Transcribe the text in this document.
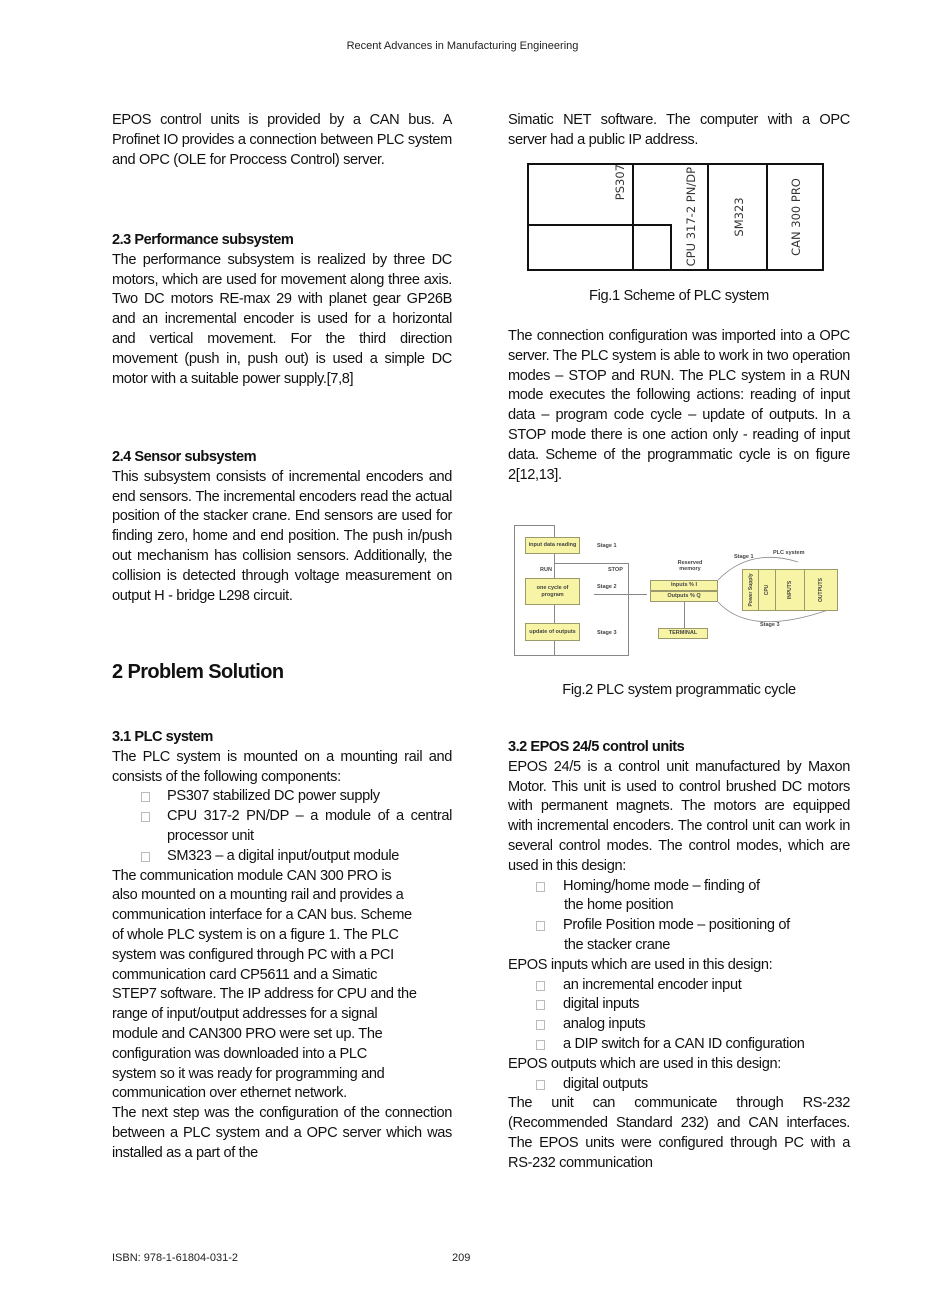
Recent Advances in Manufacturing Engineering
ISBN: 978-1-61804-031-2	209

EPOS control units is provided by a CAN bus. A Profinet IO provides a connection between PLC system and OPC (OLE for Proccess Control) server.

2.3 Performance subsystem

The performance subsystem is realized by three DC motors, which are used for movement along three axis. Two DC motors RE-max 29 with planet gear GP26B and an incremental encoder is used for a horizontal and vertical movement. For the third direction movement (push in, push out) is used a simple DC motor with a suitable power supply.[7,8]

2.4 Sensor subsystem

This subsystem consists of incremental encoders and end sensors. The incremental encoders read the actual position of the stacker crane. End sensors are used for finding zero, home and end position. The push in/push out mechanism has collision sensors. Additionally, the collision is detected through voltage measurement on output H - bridge L298 circuit.

2 Problem Solution

3.1 PLC system

The PLC system is mounted on a mounting rail and consists of the following components:

PS307 stabilized DC power supply

CPU 317-2 PN/DP – a module of a central processor unit

SM323 – a digital input/output module

The communication module CAN 300 PRO is

also mounted on a mounting rail and provides a

communication interface for a CAN bus. Scheme

of whole PLC system is on a figure 1. The PLC

system was configured through PC with a PCI

communication card CP5611 and a Simatic

STEP7 software. The IP address for CPU and the

range of input/output addresses for a signal

module and CAN300 PRO were set up. The

configuration was downloaded into a PLC

system so it was ready for programming and

communication over ethernet network.

The next step was the configuration of the connection between a PLC system and a OPC server which was installed as a part of the

Simatic NET software. The computer with a OPC server had a public IP address.

PS307	CPU 317-2 PN/DP	SM323	CAN 300 PRO
Fig.1 Scheme of PLC system

The connection configuration was imported into a OPC server. The PLC system is able to work in two operation modes – STOP and RUN. The PLC system in a RUN mode executes the following actions: reading of input data – program code cycle – update of outputs. In a STOP mode there is one action only - reading of input data. Scheme of the programmatic cycle is on figure 2[12,13].

input data reading
one cycle of program
update of outputs
Stage 1
Stage 2
Stage 3
RUN	STOP
Reserved memory
Inputs % I
Outputs % Q
TERMINAL
PLC system
Stage 1
Stage 3
Power Supply CPU	INPUTS	OUTPUTS
Fig.2 PLC system programmatic cycle

3.2 EPOS 24/5 control units

EPOS 24/5 is a control unit manufactured by Maxon Motor. This unit is used to control brushed DC motors with permanent magnets. The motors are equipped with incremental encoders. The control unit can work in several control modes. The control modes, which are used in this design:

Homing/home mode – finding of

the home position

Profile Position mode – positioning of

the stacker crane

EPOS inputs which are used in this design:

an incremental encoder input

digital inputs

analog inputs

a DIP switch for a CAN ID configuration

EPOS outputs which are used in this design:

digital outputs

The unit can communicate through RS-232 (Recommended Standard 232) and CAN interfaces. The EPOS units were configured through PC with a RS-232 communication
